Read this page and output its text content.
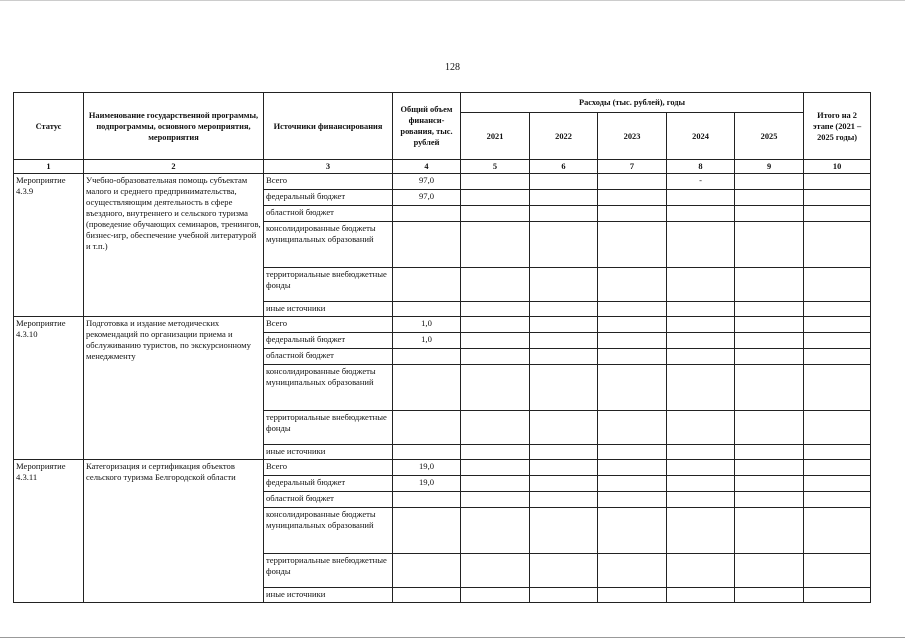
128
Статус	Наименование государственной программы, подпрограммы, основного мероприятия, мероприятия	Источники финансирования	Общий объем финанси-рования, тыс. рублей	Расходы (тыс. рублей), годы					Итого на 2 этапе (2021 – 2025 годы)
				2021	2022	2023	2024	2025	
1	2	3	4	5	6	7	8	9	10
Мероприятие 4.3.9	Учебно-образовательная помощь субъектам малого и среднего предпринимательства, осуществляющим деятельность в сфере въездного, внутреннего и сельского туризма (проведение обучающих семинаров, тренингов, бизнес-игр, обеспечение учебной литературой и т.п.)	Всего	97,0				-		
		федеральный бюджет	97,0						
		областной бюджет							
		консолидированные бюджеты муниципальных образований							
		территориальные внебюджетные фонды							
		иные источники							
Мероприятие 4.3.10	Подготовка и издание методических рекомендаций по организации приема и обслуживанию туристов, по экскурсионному менеджменту	Всего	1,0						
		федеральный бюджет	1,0						
		областной бюджет							
		консолидированные бюджеты муниципальных образований							
		территориальные внебюджетные фонды							
		иные источники							
Мероприятие 4.3.11	Категоризация и сертификация объектов сельского туризма Белгородской области	Всего	19,0						
		федеральный бюджет	19,0						
		областной бюджет							
		консолидированные бюджеты муниципальных образований							
		территориальные внебюджетные фонды							
		иные источники							
